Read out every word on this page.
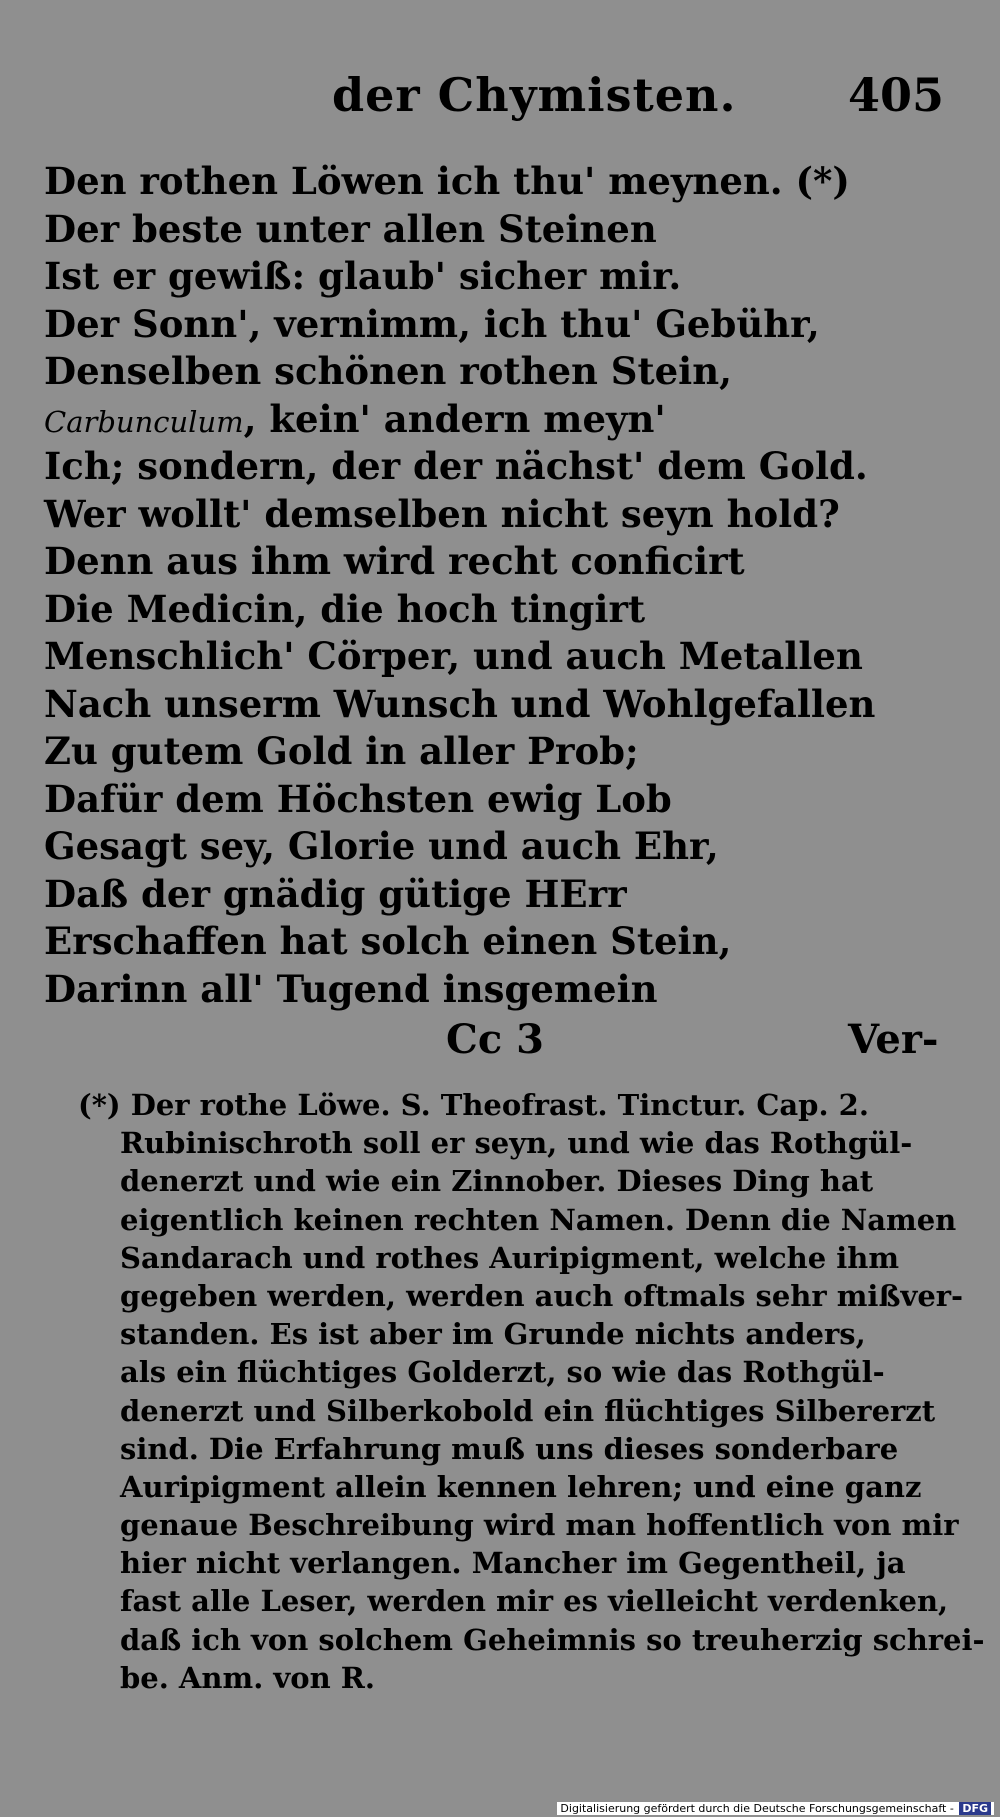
der Chymisten. 405
Den rothen Löwen ich thu' meynen. (*)
Der beste unter allen Steinen
Ist er gewiß: glaub' sicher mir.
Der Sonn', vernimm, ich thu' Gebühr,
Denselben schönen rothen Stein,
Carbunculum, kein' andern meyn'
Ich; sondern, der der nächst' dem Gold.
Wer wollt' demselben nicht seyn hold?
Denn aus ihm wird recht conficirt
Die Medicin, die hoch tingirt
Menschlich' Cörper, und auch Metallen
Nach unserm Wunsch und Wohlgefallen
Zu gutem Gold in aller Prob;
Dafür dem Höchsten ewig Lob
Gesagt sey, Glorie und auch Ehr,
Daß der gnädig gütige HErr
Erschaffen hat solch einen Stein,
Darinn all' Tugend insgemein
Cc 3	Ver-
(*) Der rothe Löwe. S. Theofrast. Tinctur. Cap. 2.
Rubinischroth soll er seyn, und wie das Rothgül-
denerzt und wie ein Zinnober. Dieses Ding hat
eigentlich keinen rechten Namen. Denn die Namen
Sandarach und rothes Auripigment, welche ihm
gegeben werden, werden auch oftmals sehr mißver-
standen. Es ist aber im Grunde nichts anders,
als ein flüchtiges Golderzt, so wie das Rothgül-
denerzt und Silberkobold ein flüchtiges Silbererzt
sind. Die Erfahrung muß uns dieses sonderbare
Auripigment allein kennen lehren; und eine ganz
genaue Beschreibung wird man hoffentlich von mir
hier nicht verlangen. Mancher im Gegentheil, ja
fast alle Leser, werden mir es vielleicht verdenken,
daß ich von solchem Geheimnis so treuherzig schrei-
be. Anm. von R.
Digitalisierung gefördert durch die Deutsche Forschungsgemeinschaft - DFG
